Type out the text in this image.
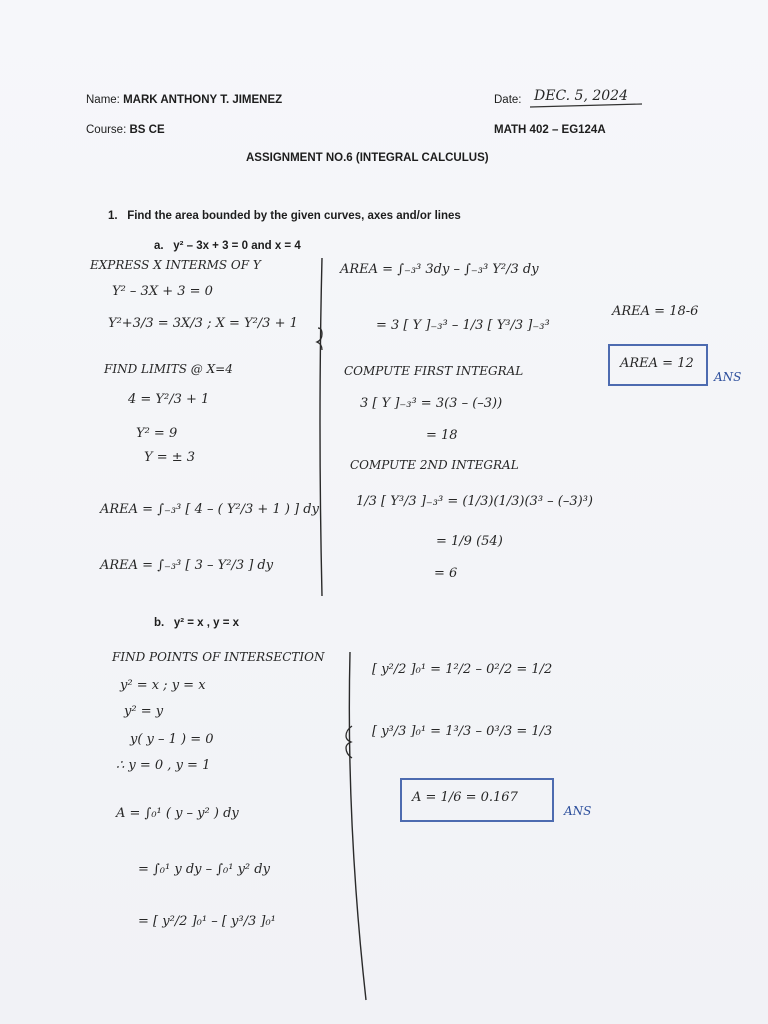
Name: MARK ANTHONY T. JIMENEZ	Date: DEC. 5, 2024
Course: BS CE	MATH 402 – EG124A
ASSIGNMENT NO.6 (INTEGRAL CALCULUS)
1. Find the area bounded by the given curves, axes and/or lines
a. y² – 3x + 3 = 0 and x = 4
b. y² = x , y = x
EXPRESS X INTERMS OF Y
Y² – 3X + 3 = 0
Y²+3/3 = 3X/3 ; X = Y²/3 + 1
FIND LIMITS @ X=4
4 = Y²/3 + 1
Y² = 9
Y = ± 3
AREA = ∫₋₃³ [ 4 – ( Y²/3 + 1 ) ] dy
AREA = ∫₋₃³ [ 3 – Y²/3 ] dy
AREA = ∫₋₃³ 3dy – ∫₋₃³ Y²/3 dy
= 3 [ Y ]₋₃³ – 1/3 [ Y³/3 ]₋₃³
COMPUTE FIRST INTEGRAL
3 [ Y ]₋₃³ = 3(3 – (–3))
= 18
COMPUTE 2ND INTEGRAL
1/3 [ Y³/3 ]₋₃³ = (1/3)(1/3)(3³ – (–3)³)
= 1/9 (54)
= 6
AREA = 18-6
AREA = 12
ANS
FIND POINTS OF INTERSECTION
y² = x ; y = x
y² = y
y( y – 1 ) = 0
∴ y = 0 , y = 1
A = ∫₀¹ ( y – y² ) dy
= ∫₀¹ y dy – ∫₀¹ y² dy
= [ y²/2 ]₀¹ – [ y³/3 ]₀¹
[ y²/2 ]₀¹ = 1²/2 – 0²/2 = 1/2
[ y³/3 ]₀¹ = 1³/3 – 0³/3 = 1/3
A = 1/6 = 0.167
ANS
